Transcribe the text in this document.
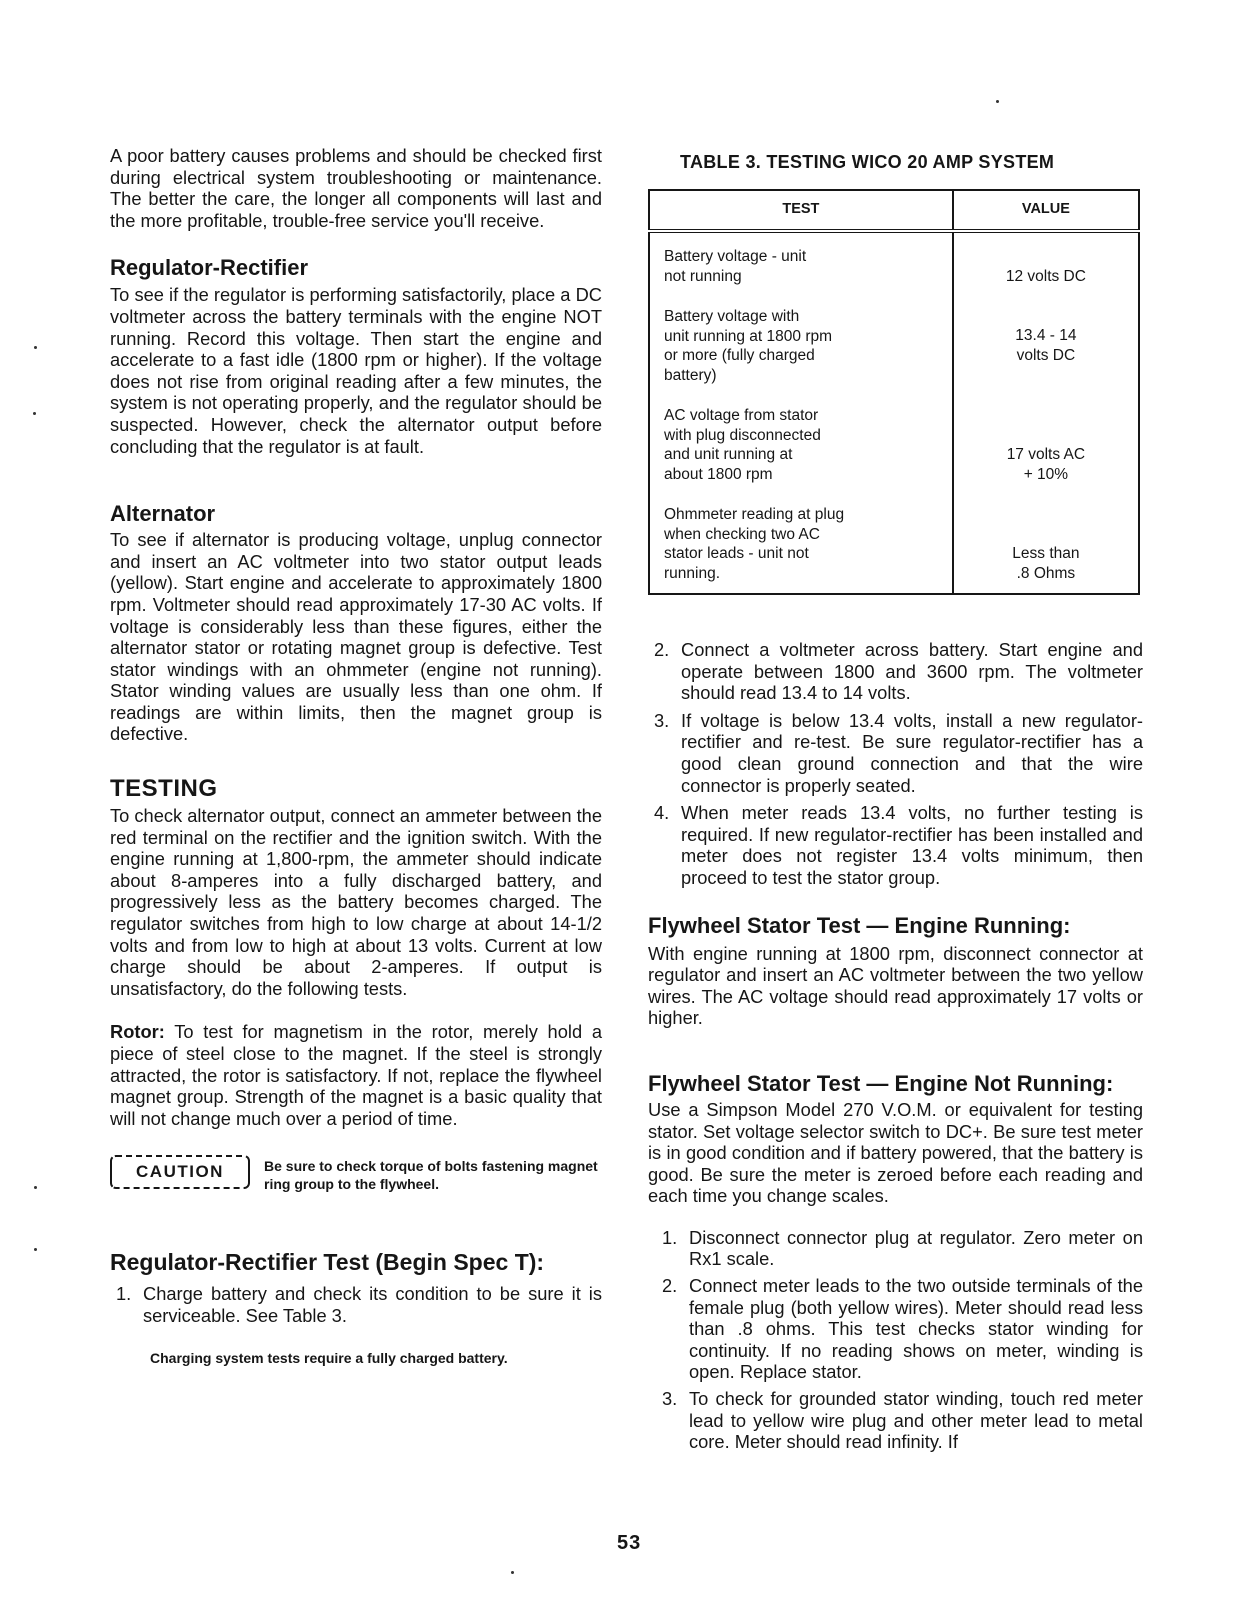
A poor battery causes problems and should be checked first during electrical system troubleshooting or maintenance. The better the care, the longer all components will last and the more profitable, trouble-free service you'll receive.

Regulator-Rectifier

To see if the regulator is performing satisfactorily, place a DC voltmeter across the battery terminals with the engine NOT running. Record this voltage. Then start the engine and accelerate to a fast idle (1800 rpm or higher). If the voltage does not rise from original reading after a few minutes, the system is not operating properly, and the regulator should be suspected. However, check the alternator output before concluding that the regulator is at fault.

Alternator

To see if alternator is producing voltage, unplug connector and insert an AC voltmeter into two stator output leads (yellow). Start engine and accelerate to approximately 1800 rpm. Voltmeter should read approximately 17-30 AC volts. If voltage is considerably less than these figures, either the alternator stator or rotating magnet group is defective. Test stator windings with an ohmmeter (engine not running). Stator winding values are usually less than one ohm. If readings are within limits, then the magnet group is defective.

TESTING

To check alternator output, connect an ammeter between the red terminal on the rectifier and the ignition switch. With the engine running at 1,800-rpm, the ammeter should indicate about 8-amperes into a fully discharged battery, and progressively less as the battery becomes charged. The regulator switches from high to low charge at about 14-1/2 volts and from low to high at about 13 volts. Current at low charge should be about 2-amperes. If output is unsatisfactory, do the following tests.

Rotor: To test for magnetism in the rotor, merely hold a piece of steel close to the magnet. If the steel is strongly attracted, the rotor is satisfactory. If not, replace the flywheel magnet group. Strength of the magnet is a basic quality that will not change much over a period of time.

CAUTION	Be sure to check torque of bolts fastening magnet ring group to the flywheel.
Regulator-Rectifier Test (Begin Spec T):
1. Charge battery and check its condition to be sure it is serviceable. See Table 3.

Charging system tests require a fully charged battery.

TABLE 3. TESTING WICO 20 AMP SYSTEM

TEST	VALUE
Battery voltage - unit
not running	12 volts DC
Battery voltage with
unit running at 1800 rpm
or more (fully charged
battery)	13.4 - 14
volts DC
AC voltage from stator
with plug disconnected
and unit running at
about 1800 rpm	17 volts AC
+ 10%
Ohmmeter reading at plug
when checking two AC
stator leads - unit not
running.	Less than
.8 Ohms
2. Connect a voltmeter across battery. Start engine and operate between 1800 and 3600 rpm. The voltmeter should read 13.4 to 14 volts.
3. If voltage is below 13.4 volts, install a new regulator-rectifier and re-test. Be sure regulator-rectifier has a good clean ground connection and that the wire connector is properly seated.
4. When meter reads 13.4 volts, no further testing is required. If new regulator-rectifier has been installed and meter does not register 13.4 volts minimum, then proceed to test the stator group.
Flywheel Stator Test — Engine Running:

With engine running at 1800 rpm, disconnect connector at regulator and insert an AC voltmeter between the two yellow wires. The AC voltage should read approximately 17 volts or higher.

Flywheel Stator Test — Engine Not Running:

Use a Simpson Model 270 V.O.M. or equivalent for testing stator. Set voltage selector switch to DC+. Be sure test meter is in good condition and if battery powered, that the battery is good. Be sure the meter is zeroed before each reading and each time you change scales.

1. Disconnect connector plug at regulator. Zero meter on Rx1 scale.
2. Connect meter leads to the two outside terminals of the female plug (both yellow wires). Meter should read less than .8 ohms. This test checks stator winding for continuity. If no reading shows on meter, winding is open. Replace stator.
3. To check for grounded stator winding, touch red meter lead to yellow wire plug and other meter lead to metal core. Meter should read infinity. If
53
